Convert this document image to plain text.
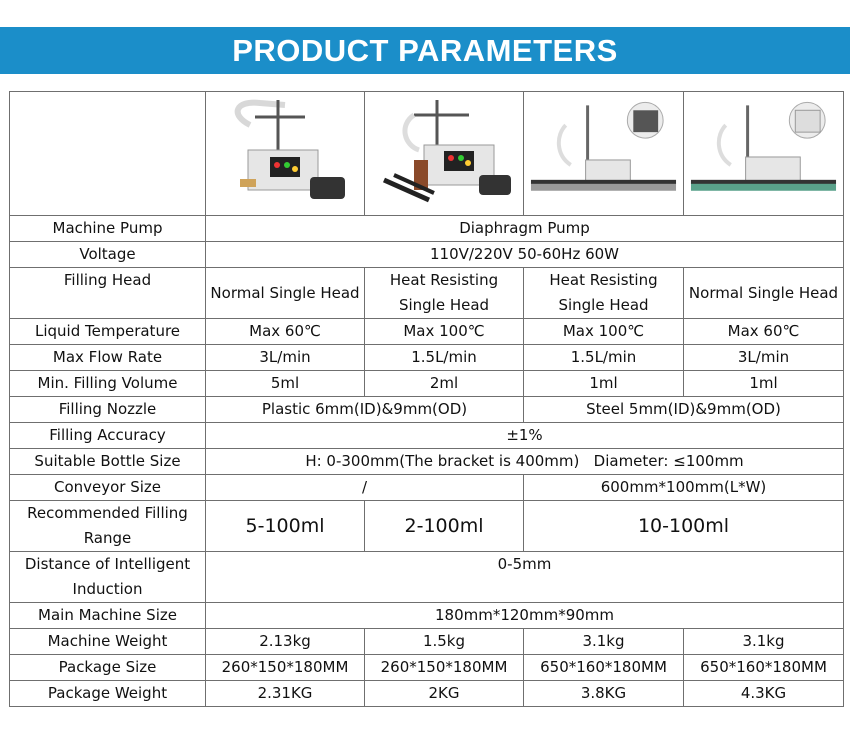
PRODUCT PARAMETERS

Machine Pump	Diaphragm Pump			
Voltage	110V/220V 50-60Hz 60W			
Filling Head	Normal Single Head	Heat Resisting Single Head	Heat Resisting Single Head	Normal Single Head
Liquid Temperature	Max 60℃	Max 100℃	Max 100℃	Max 60℃
Max Flow Rate	3L/min	1.5L/min	1.5L/min	3L/min
Min. Filling Volume	5ml	2ml	1ml	1ml
Filling Nozzle	Plastic 6mm(ID)&9mm(OD)		Steel 5mm(ID)&9mm(OD)	
Filling Accuracy	±1%			
Suitable Bottle Size	H: 0-300mm(The bracket is 400mm)   Diameter: ≤100mm			
Conveyor Size	/		600mm*100mm(L*W)	
Recommended Filling Range	5-100ml	2-100ml	10-100ml	
Distance of Intelligent Induction	0-5mm			
Main Machine Size	180mm*120mm*90mm			
Machine Weight	2.13kg	1.5kg	3.1kg	3.1kg
Package Size	260*150*180MM	260*150*180MM	650*160*180MM	650*160*180MM
Package Weight	2.31KG	2KG	3.8KG	4.3KG
